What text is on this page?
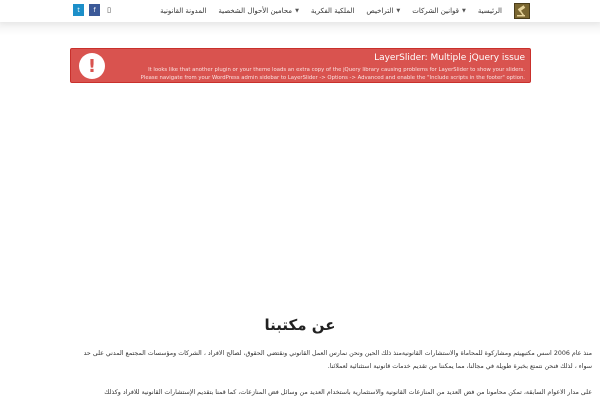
الرئيسية
قوانين الشركات ▼
التراخيص ▼
الملكية الفكرية
محامين الأحوال الشخصية ▼
المدونة القانونية
t f ▯
!	LayerSlider: Multiple jQuery issue
It looks like that another plugin or your theme loads an extra copy of the jQuery library causing problems for LayerSlider to show your sliders.
Please navigate from your WordPress admin sidebar to LayerSlider -> Options -> Advanced and enable the "Include scripts in the footer" option.
عن مكتبنا

منذ عام 2006 أسس مكتبهيثم ومشاركوة للمحاماة والاستشارات القانونيةمنذ ذلك الحين ونحن نمارس العمل القانوني ونقتضي الحقوق، لصالح الافراد ، الشركات ومؤسسات المجتمع المدني على حد

سواء ، لذلك فنحن نتمتع بخبرة طويلة في مجالنا، مما يمكننا من تقديم خدمات قانونية استثنائية لعملائنا.

على مدار الاعوام السابقة، تمكن محامونا من فض العديد من المنازعات القانونية والاستثمارية باستخدام العديد من وسائل فض المنازعات، كما قمنا بتقديم الإستشارات القانونية للافراد وكذلك
